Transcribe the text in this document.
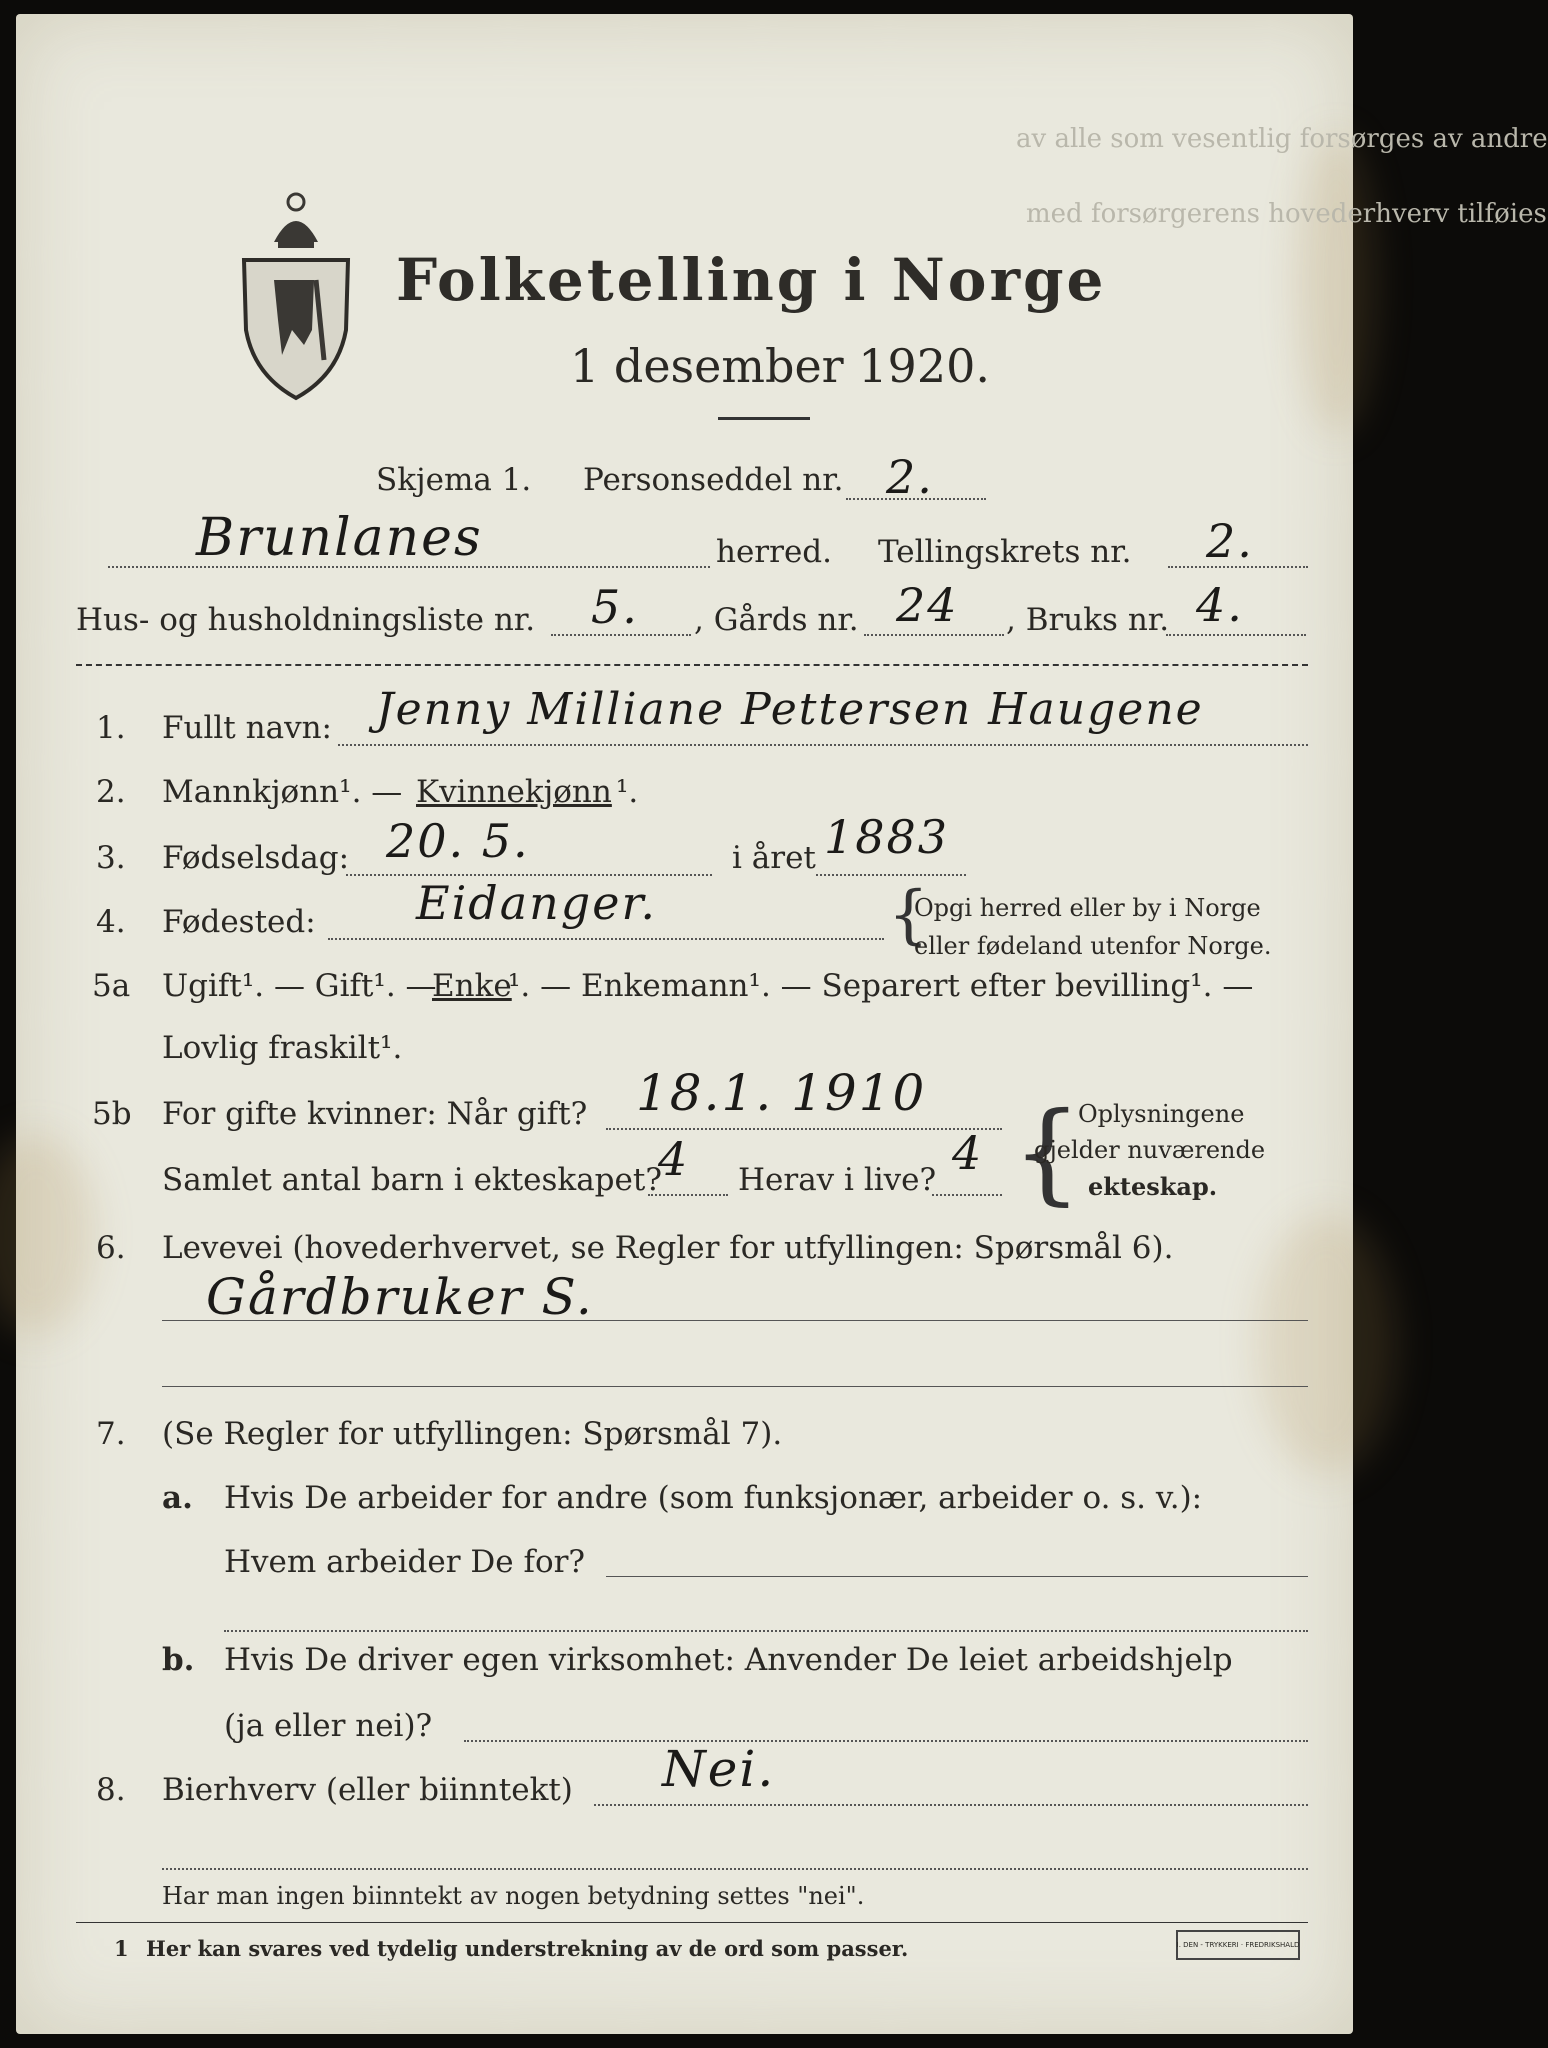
av alle som vesentlig forsørges av andre
med forsørgerens hovederhverv tilføies
Folketelling i Norge
1 desember 1920.
Skjema 1. Personseddel nr. 2.
Brunlanes	herred. Tellingskrets nr. 2.
Hus- og husholdningsliste nr. 5. , Gårds nr. 24 , Bruks nr. 4.
1. Fullt navn: Jenny Milliane Pettersen Haugene
2. Mannkjønn¹. — Kvinnekjønn ¹.
3. Fødselsdag: 20. 5.	i året 1883
4. Fødested: Eidanger.	{
Opgi herred eller by i Norge
eller fødeland utenfor Norge.
5a Ugift¹. — Gift¹. —
Enke
¹. — Enkemann¹. — Separert efter bevilling¹. —
Lovlig fraskilt¹.
5b For gifte kvinner: Når gift? 18.1. 1910
Samlet antal barn i ekteskapet?
4 Herav i live? 4 {
Oplysningene
gjelder nuværende
ekteskap.
6. Levevei (hovederhvervet, se Regler for utfyllingen: Spørsmål 6).
Gårdbruker S.
7. (Se Regler for utfyllingen: Spørsmål 7).
a. Hvis De arbeider for andre (som funksjonær, arbeider o. s. v.):
Hvem arbeider De for?
b. Hvis De driver egen virksomhet: Anvender De leiet arbeidshjelp
(ja eller nei)?
8. Bierhverv (eller biinntekt) Nei.
Har man ingen biinntekt av nogen betydning settes "nei".
1 Her kan svares ved tydelig understrekning av de ord som passer.	I. DEN - TRYKKERI · FREDRIKSHALD
